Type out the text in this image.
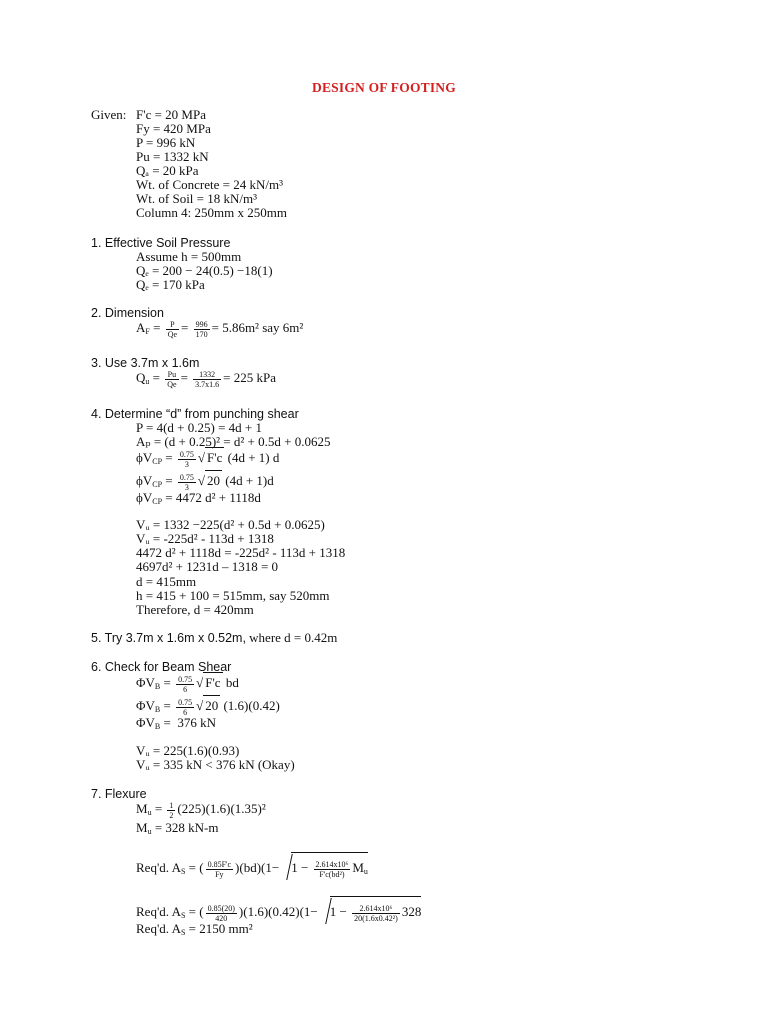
DESIGN OF FOOTING
Given: F'c = 20 MPa
Fy = 420 MPa
P = 996 kN
Pu = 1332 kN
Qₐ = 20 kPa
Wt. of Concrete = 24 kN/m³
Wt. of Soil = 18 kN/m³
Column 4: 250mm x 250mm
1. Effective Soil Pressure
Assume h = 500mm
Qₑ = 200 − 24(0.5) −18(1)
Qₑ = 170 kPa
2. Dimension
$A_F = \frac{P}{Qe} = \frac{996}{170} = 5.86m^2$ say 6m²
3. Use 3.7m x 1.6m
$Q_u = \frac{Pu}{Qe} = \frac{1332}{3.7x1.6} = 225$ kPa
4. Determine “d” from punching shear
P = 4(d + 0.25) = 4d + 1
Aₚ = (d + 0.25)² = d² + 0.5d + 0.0625
$\phi V_{CP} = \frac{0.75}{3}$ √ F'c (4d + 1) d
$\phi V_{CP} = \frac{0.75}{3}$ √ 20 (4d + 1)d
$\phi V_{CP} = 4472$ d² + 1118d
Vᵤ = 1332 −225(d² + 0.5d + 0.0625)
Vᵤ = -225d² - 113d + 1318
4472 d² + 1118d = -225d² - 113d + 1318
4697d² + 1231d – 1318 = 0
d = 415mm
h = 415 + 100 = 515mm, say 520mm
Therefore, d = 420mm
5. Try 3.7m x 1.6m x 0.52m, where d = 0.42m
6. Check for Beam Shear
$\Phi V_B = \frac{0.75}{6}$ √ F'c bd
$\Phi V_B = \frac{0.75}{6}$ √ 20 (1.6)(0.42)
$\Phi V_B = 376$ kN
Vᵤ = 225(1.6)(0.93)
Vᵤ = 335 kN < 376 kN (Okay)
7. Flexure
$M_u = \frac{1}{2} (225)(1.6)(1.35)^2$
$M_u = 328$ kN-m
Req'd. $A_S$ = ( $\frac{0.85F'c}{Fy} )(bd)(1- 1 - \frac{\text{2.614x10⁶}}{\text{F'c(bd²)}} M_u$
Req'd. $A_S$ = ( $\frac{0.85(20)}{420} )(1.6)(0.42)(1- 1 - \frac{\text{2.614x10⁶}}{\text{20(1.6x0.42²)}} 328$
Req'd. $A_S = 2150$ mm²
